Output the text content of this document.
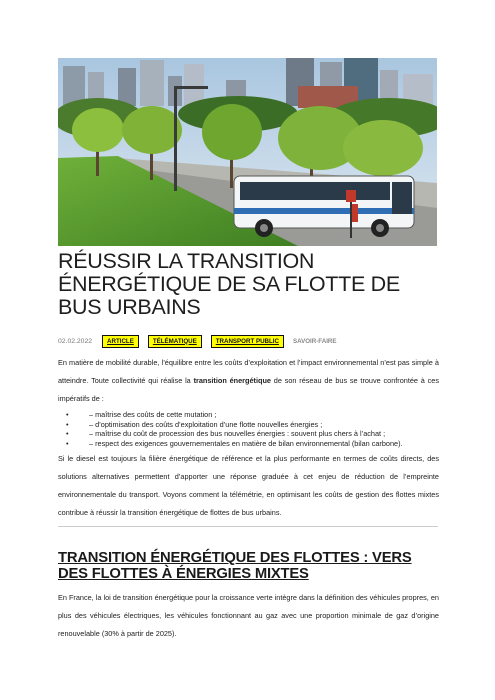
RÉUSSIR LA TRANSITION ÉNERGÉTIQUE DE SA FLOTTE DE BUS URBAINS
02.02.2022	ARTICLE	TÉLÉMATIQUE	TRANSPORT PUBLIC	SAVOIR-FAIRE

En matière de mobilité durable, l’équilibre entre les coûts d’exploitation et l’impact environnemental n’est pas simple à atteindre. Toute collectivité qui réalise la transition énergétique de son réseau de bus se trouve confrontée à ces impératifs de :

• – maîtrise des coûts de cette mutation ;
• – d’optimisation des coûts d’exploitation d’une flotte nouvelles énergies ;
• – maîtrise du coût de procession des bus nouvelles énergies : souvent plus chers à l’achat ;
• – respect des exigences gouvernementales en matière de bilan environnemental (bilan carbone).

Si le diesel est toujours la filière énergétique de référence et la plus performante en termes de coûts directs, des solutions alternatives permettent d’apporter une réponse graduée à cet enjeu de réduction de l’empreinte environnementale du transport. Voyons comment la télémétrie, en optimisant les coûts de gestion des flottes mixtes contribue à réussir la transition énergétique de flottes de bus urbains.

TRANSITION ÉNERGÉTIQUE DES FLOTTES : VERS DES FLOTTES À ÉNERGIES MIXTES

En France, la loi de transition énergétique pour la croissance verte intègre dans la définition des véhicules propres, en plus des véhicules électriques, les véhicules fonctionnant au gaz avec une proportion minimale de gaz d’origine renouvelable (30% à partir de 2025).
